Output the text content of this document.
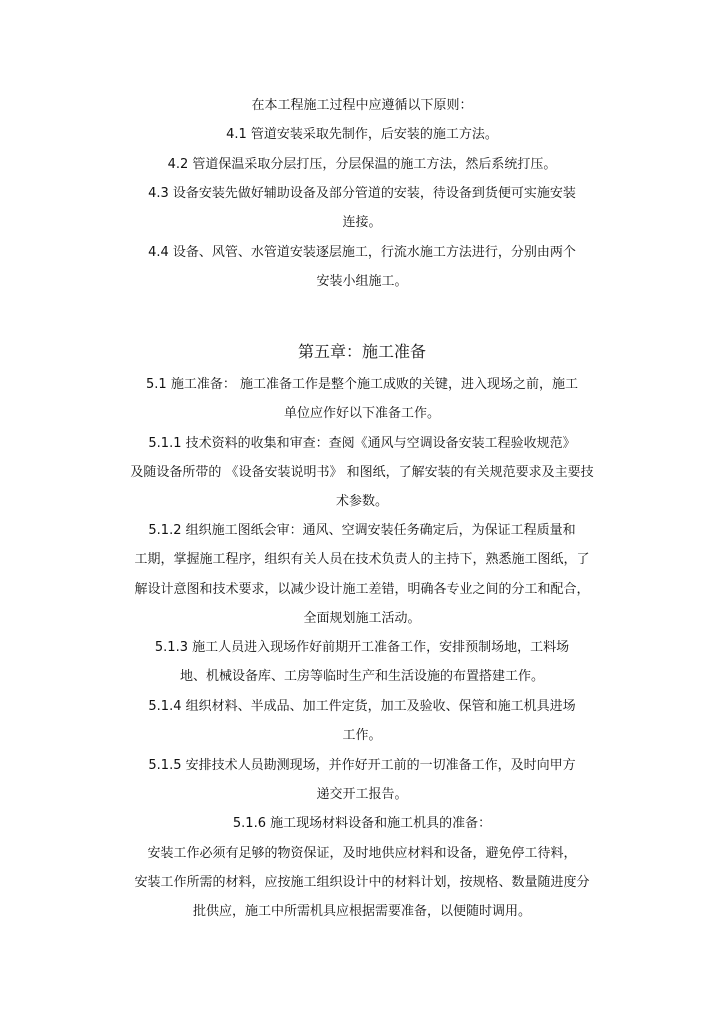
在本工程施工过程中应遵循以下原则：
4.1 管道安装采取先制作，后安装的施工方法。
4.2 管道保温采取分层打压，分层保温的施工方法，然后系统打压。
4.3 设备安装先做好辅助设备及部分管道的安装，待设备到货便可实施安装
连接。
4.4 设备、风管、水管道安装逐层施工，行流水施工方法进行，分别由两个
安装小组施工。
第五章：施工准备
5.1 施工准备： 施工准备工作是整个施工成败的关键，进入现场之前，施工
单位应作好以下准备工作。
5.1.1 技术资料的收集和审查：查阅《通风与空调设备安装工程验收规范》
及随设备所带的 《设备安装说明书》 和图纸，了解安装的有关规范要求及主要技
术参数。
5.1.2 组织施工图纸会审：通风、空调安装任务确定后，为保证工程质量和
工期，掌握施工程序，组织有关人员在技术负责人的主持下，熟悉施工图纸，了
解设计意图和技术要求，以减少设计施工差错，明确各专业之间的分工和配合，
全面规划施工活动。
5.1.3 施工人员进入现场作好前期开工准备工作，安排预制场地，工料场
地、机械设备库、工房等临时生产和生活设施的布置搭建工作。
5.1.4 组织材料、半成品、加工件定货，加工及验收、保管和施工机具进场
工作。
5.1.5 安排技术人员勘测现场，并作好开工前的一切准备工作，及时向甲方
递交开工报告。
5.1.6 施工现场材料设备和施工机具的准备：
安装工作必须有足够的物资保证，及时地供应材料和设备，避免停工待料，
安装工作所需的材料，应按施工组织设计中的材料计划，按规格、数量随进度分
批供应，施工中所需机具应根据需要准备，以便随时调用。
